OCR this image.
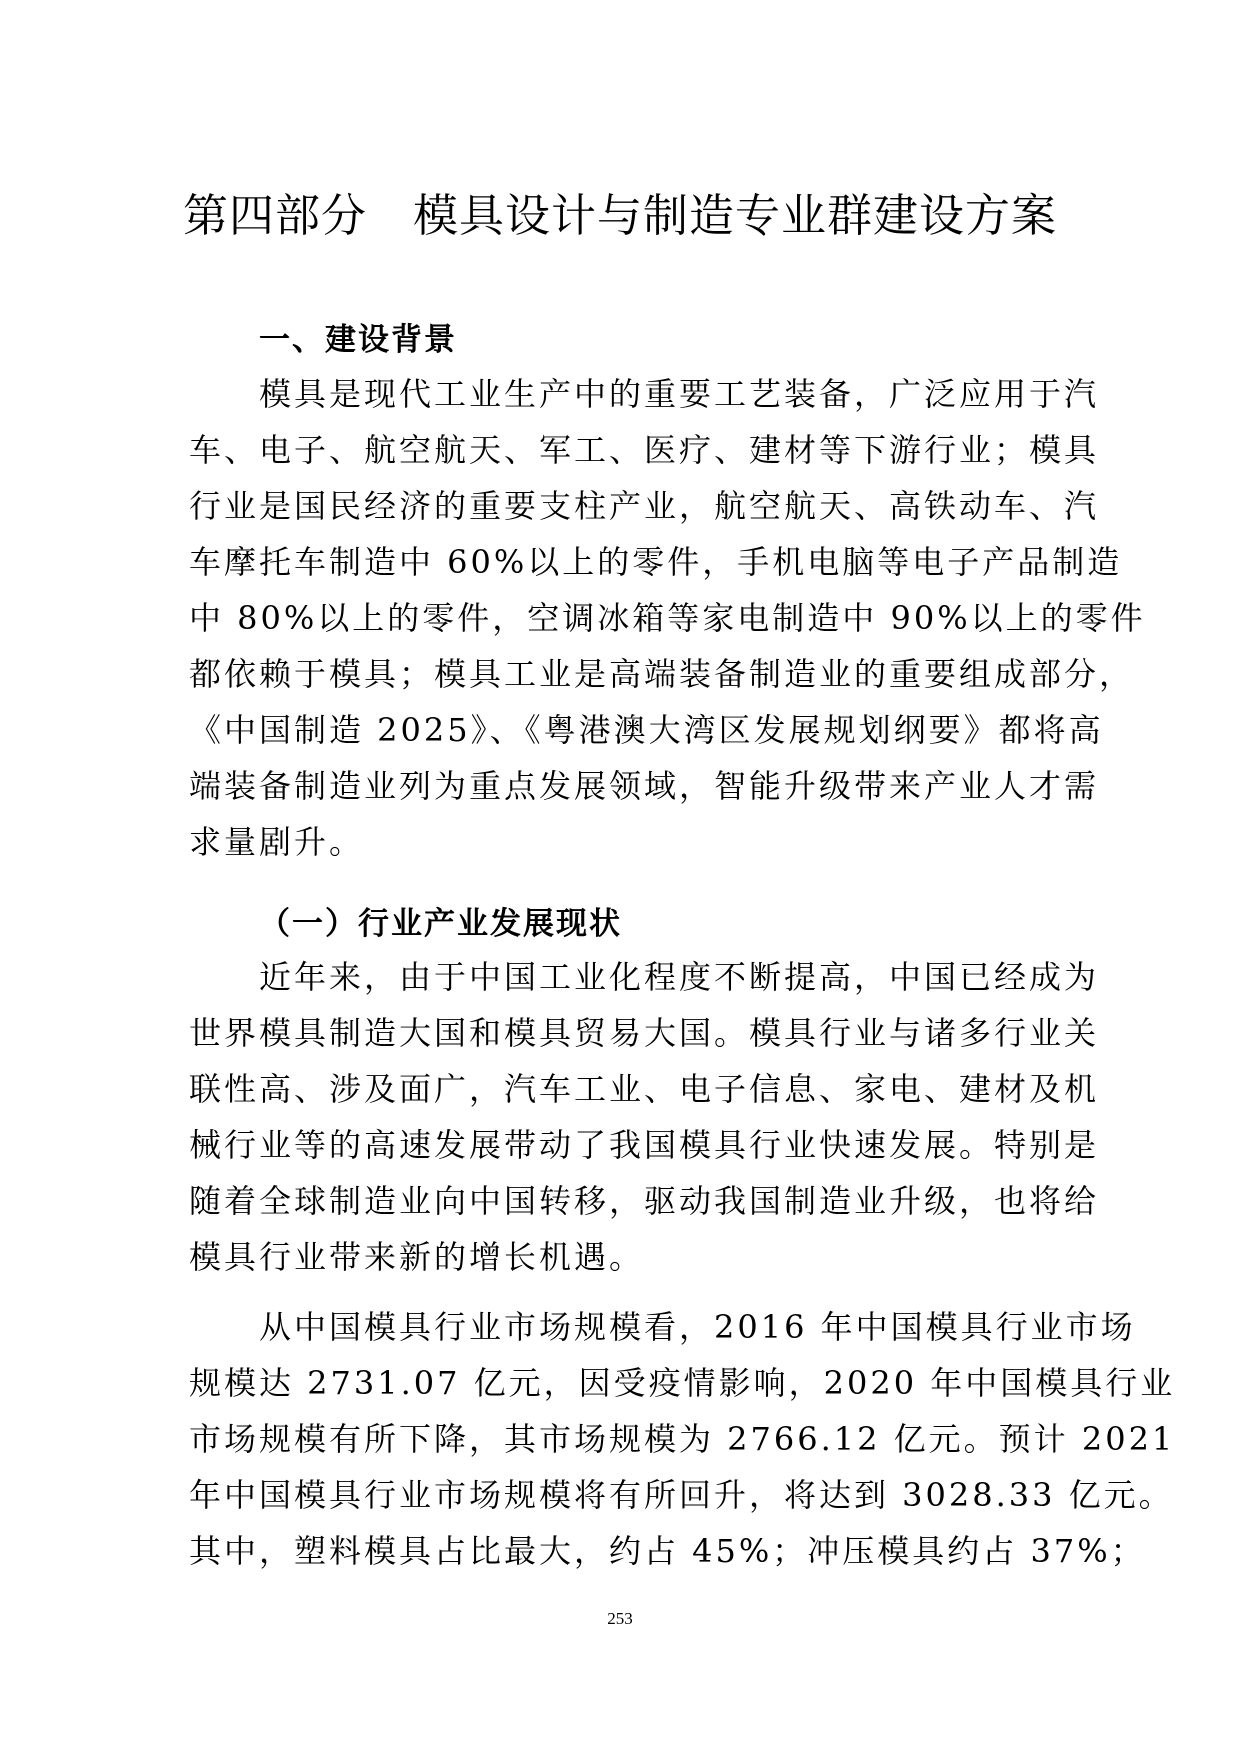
第四部分　模具设计与制造专业群建设方案
一、建设背景
模具是现代工业生产中的重要工艺装备，广泛应用于汽
车、电子、航空航天、军工、医疗、建材等下游行业；模具
行业是国民经济的重要支柱产业，航空航天、高铁动车、汽
车摩托车制造中 60%以上的零件，手机电脑等电子产品制造
中 80%以上的零件，空调冰箱等家电制造中 90%以上的零件
都依赖于模具；模具工业是高端装备制造业的重要组成部分，
《中国制造 2025》、《粤港澳大湾区发展规划纲要》都将高
端装备制造业列为重点发展领域，智能升级带来产业人才需
求量剧升。
（一）行业产业发展现状
近年来，由于中国工业化程度不断提高，中国已经成为
世界模具制造大国和模具贸易大国。模具行业与诸多行业关
联性高、涉及面广，汽车工业、电子信息、家电、建材及机
械行业等的高速发展带动了我国模具行业快速发展。特别是
随着全球制造业向中国转移，驱动我国制造业升级，也将给
模具行业带来新的增长机遇。
从中国模具行业市场规模看，2016 年中国模具行业市场
规模达 2731.07 亿元，因受疫情影响，2020 年中国模具行业
市场规模有所下降，其市场规模为 2766.12 亿元。预计 2021
年中国模具行业市场规模将有所回升，将达到 3028.33 亿元。
其中，塑料模具占比最大，约占 45%；冲压模具约占 37%；
253
